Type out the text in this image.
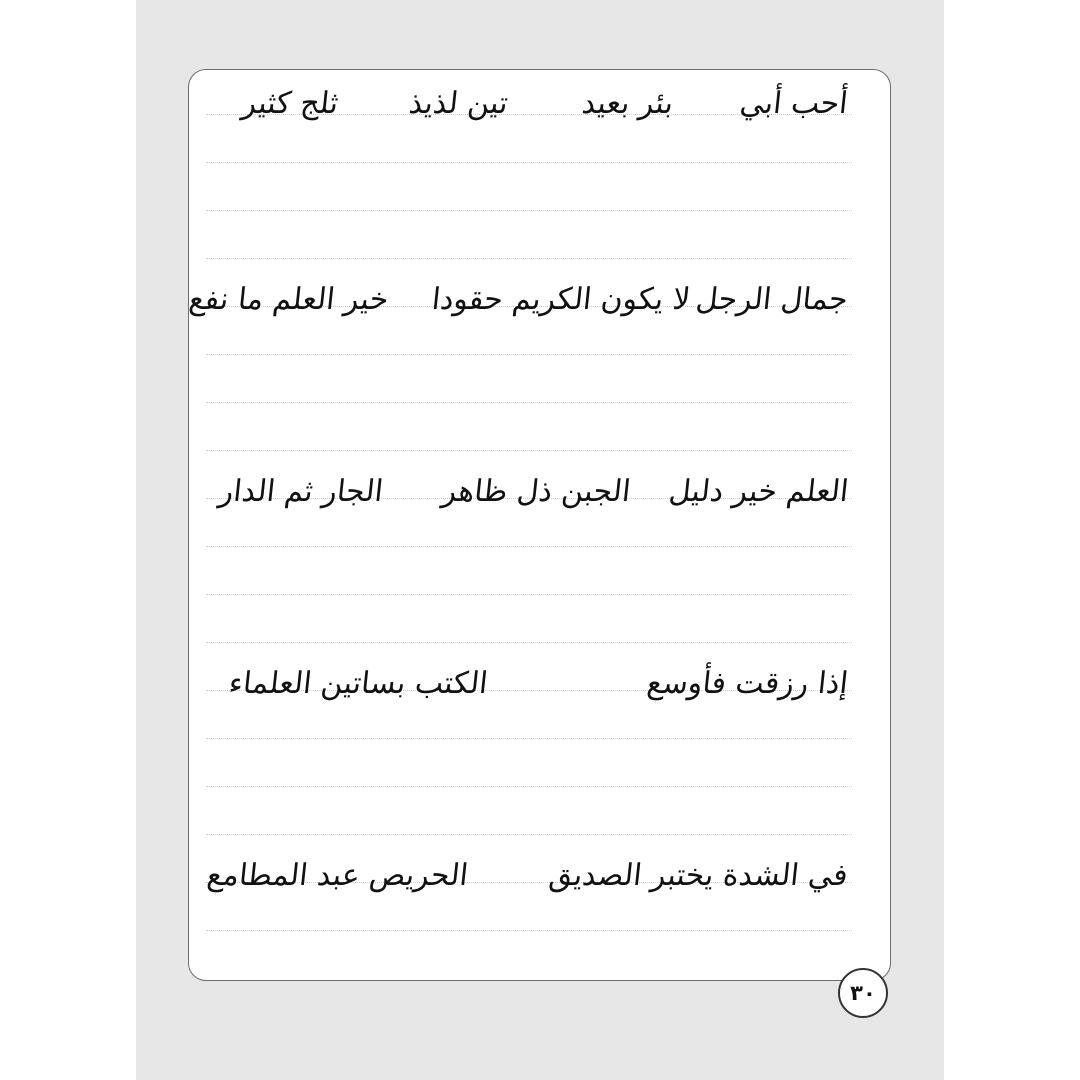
أحب أبي
بئر بعيد
تين لذيذ
ثلج كثير
جمال الرجل
لا يكون الكريم حقودا
خير العلم ما نفع
العلم خير دليل
الجبن ذل ظاهر
الجار ثم الدار
إذا رزقت فأوسع
الكتب بساتين العلماء
في الشدة يختبر الصديق
الحريص عبد المطامع
٣٠
